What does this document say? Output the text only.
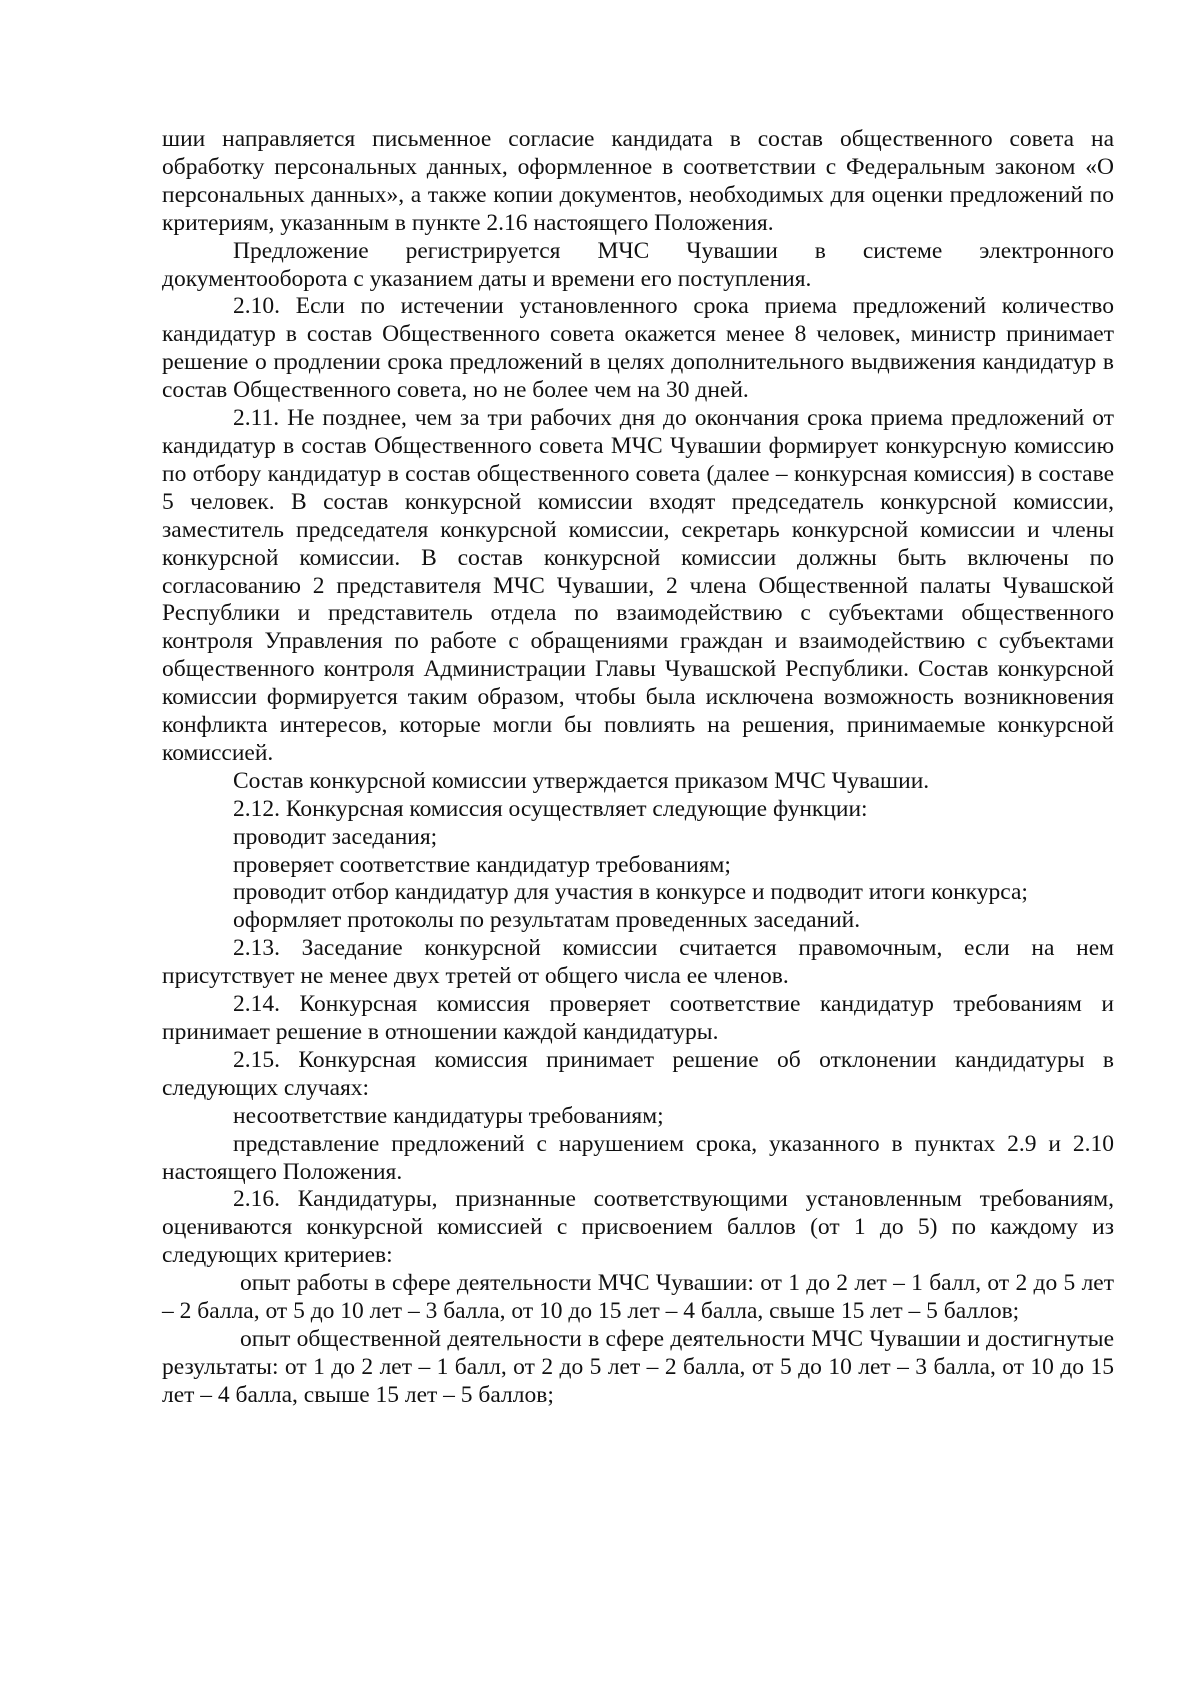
шии направляется письменное согласие кандидата в состав общественного совета на обработку персональных данных, оформленное в соответствии с Федеральным законом «О персональных данных», а также копии документов, необходимых для оценки предложений по критериям, указанным в пункте 2.16 настоящего Положения.

Предложение регистрируется МЧС Чувашии в системе электронного документооборота с указанием даты и времени его поступления.

2.10. Если по истечении установленного срока приема предложений количество кандидатур в состав Общественного совета окажется менее 8 человек, министр принимает решение о продлении срока предложений в целях дополнительного выдвижения кандидатур в состав Общественного совета, но не более чем на 30 дней.

2.11. Не позднее, чем за три рабочих дня до окончания срока приема предложений от кандидатур в состав Общественного совета МЧС Чувашии формирует конкурсную комиссию по отбору кандидатур в состав общественного совета (далее – конкурсная комиссия) в составе 5 человек. В состав конкурсной комиссии входят председатель конкурсной комиссии, заместитель председателя конкурсной комиссии, секретарь конкурсной комиссии и члены конкурсной комиссии. В состав конкурсной комиссии должны быть включены по согласованию 2 представителя МЧС Чувашии, 2 члена Общественной палаты Чувашской Республики и представитель отдела по взаимодействию с субъектами общественного контроля Управления по работе с обращениями граждан и взаимодействию с субъектами общественного контроля Администрации Главы Чувашской Республики. Состав конкурсной комиссии формируется таким образом, чтобы была исключена возможность возникновения конфликта интересов, которые могли бы повлиять на решения, принимаемые конкурсной комиссией.

Состав конкурсной комиссии утверждается приказом МЧС Чувашии.

2.12. Конкурсная комиссия осуществляет следующие функции:

проводит заседания;

проверяет соответствие кандидатур требованиям;

проводит отбор кандидатур для участия в конкурсе и подводит итоги конкурса;

оформляет протоколы по результатам проведенных заседаний.

2.13. Заседание конкурсной комиссии считается правомочным, если на нем присутствует не менее двух третей от общего числа ее членов.

2.14. Конкурсная комиссия проверяет соответствие кандидатур требованиям и принимает решение в отношении каждой кандидатуры.

2.15. Конкурсная комиссия принимает решение об отклонении кандидатуры в следующих случаях:

несоответствие кандидатуры требованиям;

представление предложений с нарушением срока, указанного в пунктах 2.9 и 2.10 настоящего Положения.

2.16. Кандидатуры, признанные соответствующими установленным требованиям, оцениваются конкурсной комиссией с присвоением баллов (от 1 до 5) по каждому из следующих критериев:

опыт работы в сфере деятельности МЧС Чувашии: от 1 до 2 лет – 1 балл, от 2 до 5 лет – 2 балла, от 5 до 10 лет – 3 балла, от 10 до 15 лет – 4 балла, свыше 15 лет – 5 баллов;

опыт общественной деятельности в сфере деятельности МЧС Чувашии и достигнутые результаты: от 1 до 2 лет – 1 балл, от 2 до 5 лет – 2 балла, от 5 до 10 лет – 3 балла, от 10 до 15 лет – 4 балла, свыше 15 лет – 5 баллов;
